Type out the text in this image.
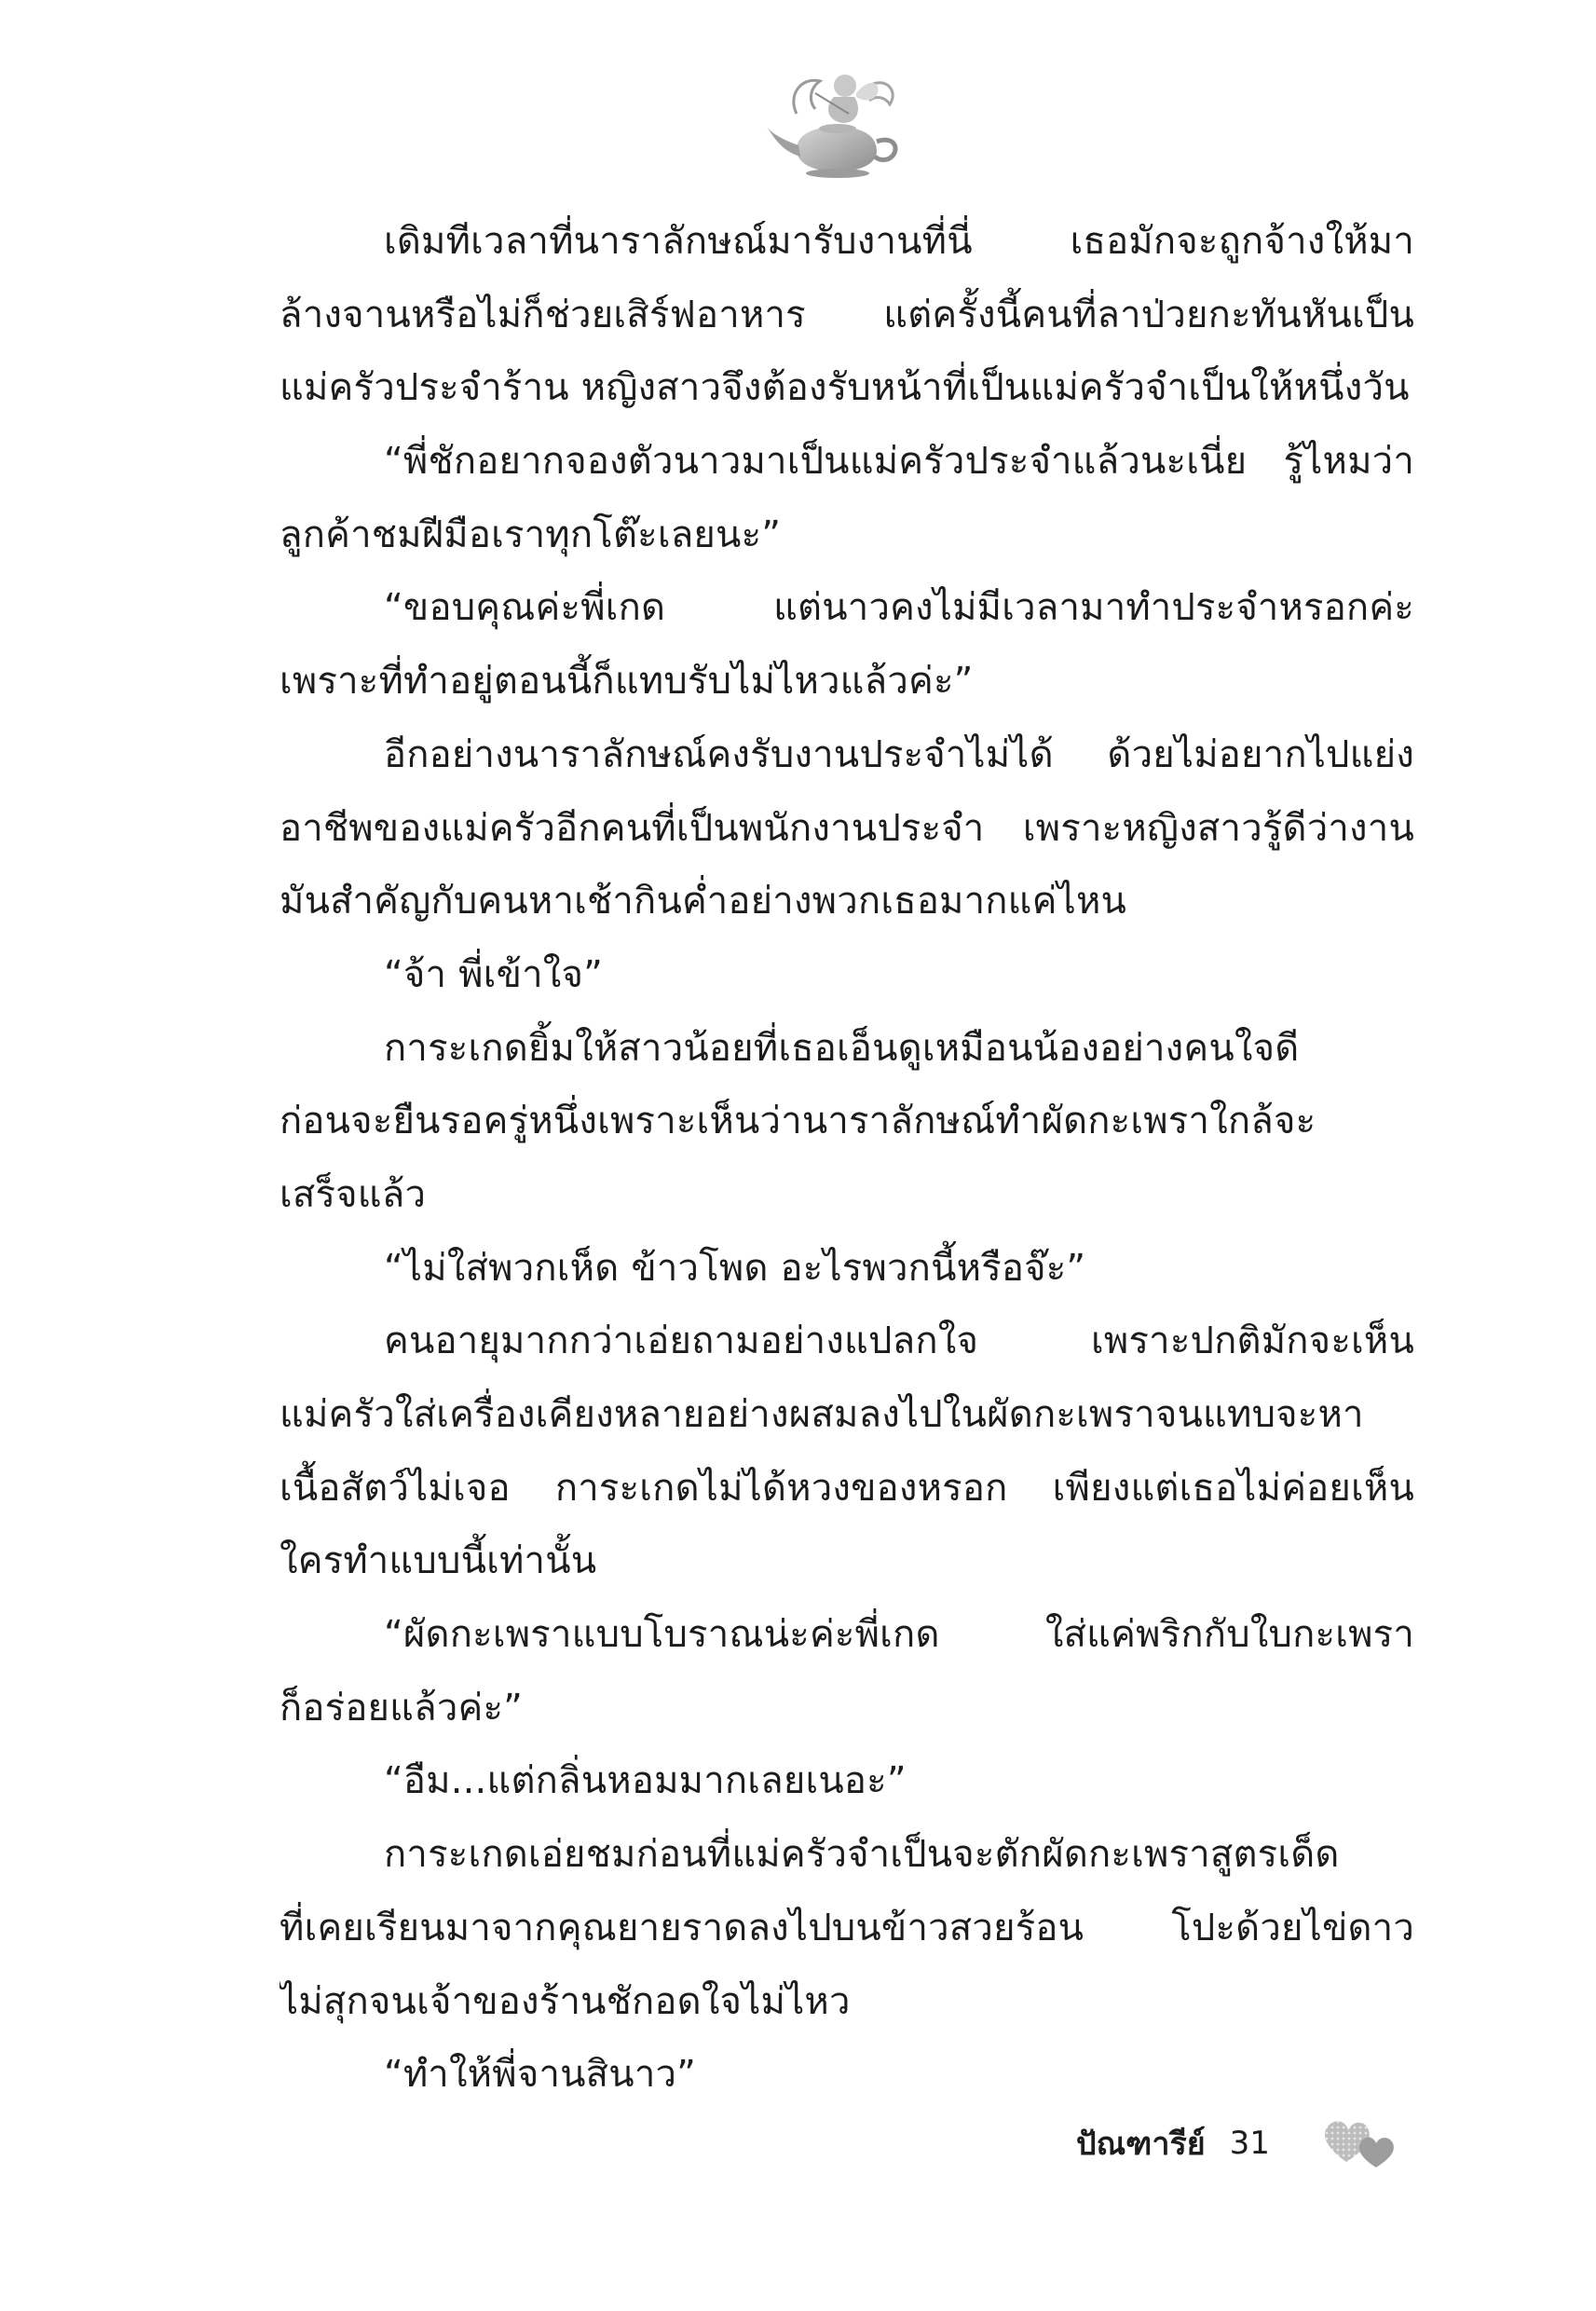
เดิมทีเวลาที่นาราลักษณ์มารับงานที่นี่ เธอมักจะถูกจ้างให้มา
ล้างจานหรือไม่ก็ช่วยเสิร์ฟอาหาร แต่ครั้งนี้คนที่ลาป่วยกะทันหันเป็น
แม่ครัวประจำร้าน หญิงสาวจึงต้องรับหน้าที่เป็นแม่ครัวจำเป็นให้หนึ่งวัน
“พี่ชักอยากจองตัวนาวมาเป็นแม่ครัวประจำแล้วนะเนี่ย รู้ไหมว่า
ลูกค้าชมฝีมือเราทุกโต๊ะเลยนะ”
“ขอบคุณค่ะพี่เกด แต่นาวคงไม่มีเวลามาทำประจำหรอกค่ะ
เพราะที่ทำอยู่ตอนนี้ก็แทบรับไม่ไหวแล้วค่ะ”
อีกอย่างนาราลักษณ์คงรับงานประจำไม่ได้ ด้วยไม่อยากไปแย่ง
อาชีพของแม่ครัวอีกคนที่เป็นพนักงานประจำ เพราะหญิงสาวรู้ดีว่างาน
มันสำคัญกับคนหาเช้ากินค่ำอย่างพวกเธอมากแค่ไหน
“จ้า พี่เข้าใจ”
การะเกดยิ้มให้สาวน้อยที่เธอเอ็นดูเหมือนน้องอย่างคนใจดี
ก่อนจะยืนรอครู่หนึ่งเพราะเห็นว่านาราลักษณ์ทำผัดกะเพราใกล้จะ
เสร็จแล้ว
“ไม่ใส่พวกเห็ด ข้าวโพด อะไรพวกนี้หรือจ๊ะ”
คนอายุมากกว่าเอ่ยถามอย่างแปลกใจ เพราะปกติมักจะเห็น
แม่ครัวใส่เครื่องเคียงหลายอย่างผสมลงไปในผัดกะเพราจนแทบจะหา
เนื้อสัตว์ไม่เจอ การะเกดไม่ได้หวงของหรอก เพียงแต่เธอไม่ค่อยเห็น
ใครทำแบบนี้เท่านั้น
“ผัดกะเพราแบบโบราณน่ะค่ะพี่เกด ใส่แค่พริกกับใบกะเพรา
ก็อร่อยแล้วค่ะ”
“อืม...แต่กลิ่นหอมมากเลยเนอะ”
การะเกดเอ่ยชมก่อนที่แม่ครัวจำเป็นจะตักผัดกะเพราสูตรเด็ด
ที่เคยเรียนมาจากคุณยายราดลงไปบนข้าวสวยร้อน โปะด้วยไข่ดาว
ไม่สุกจนเจ้าของร้านชักอดใจไม่ไหว
“ทำให้พี่จานสินาว”
ปัณฑารีย์ 31
